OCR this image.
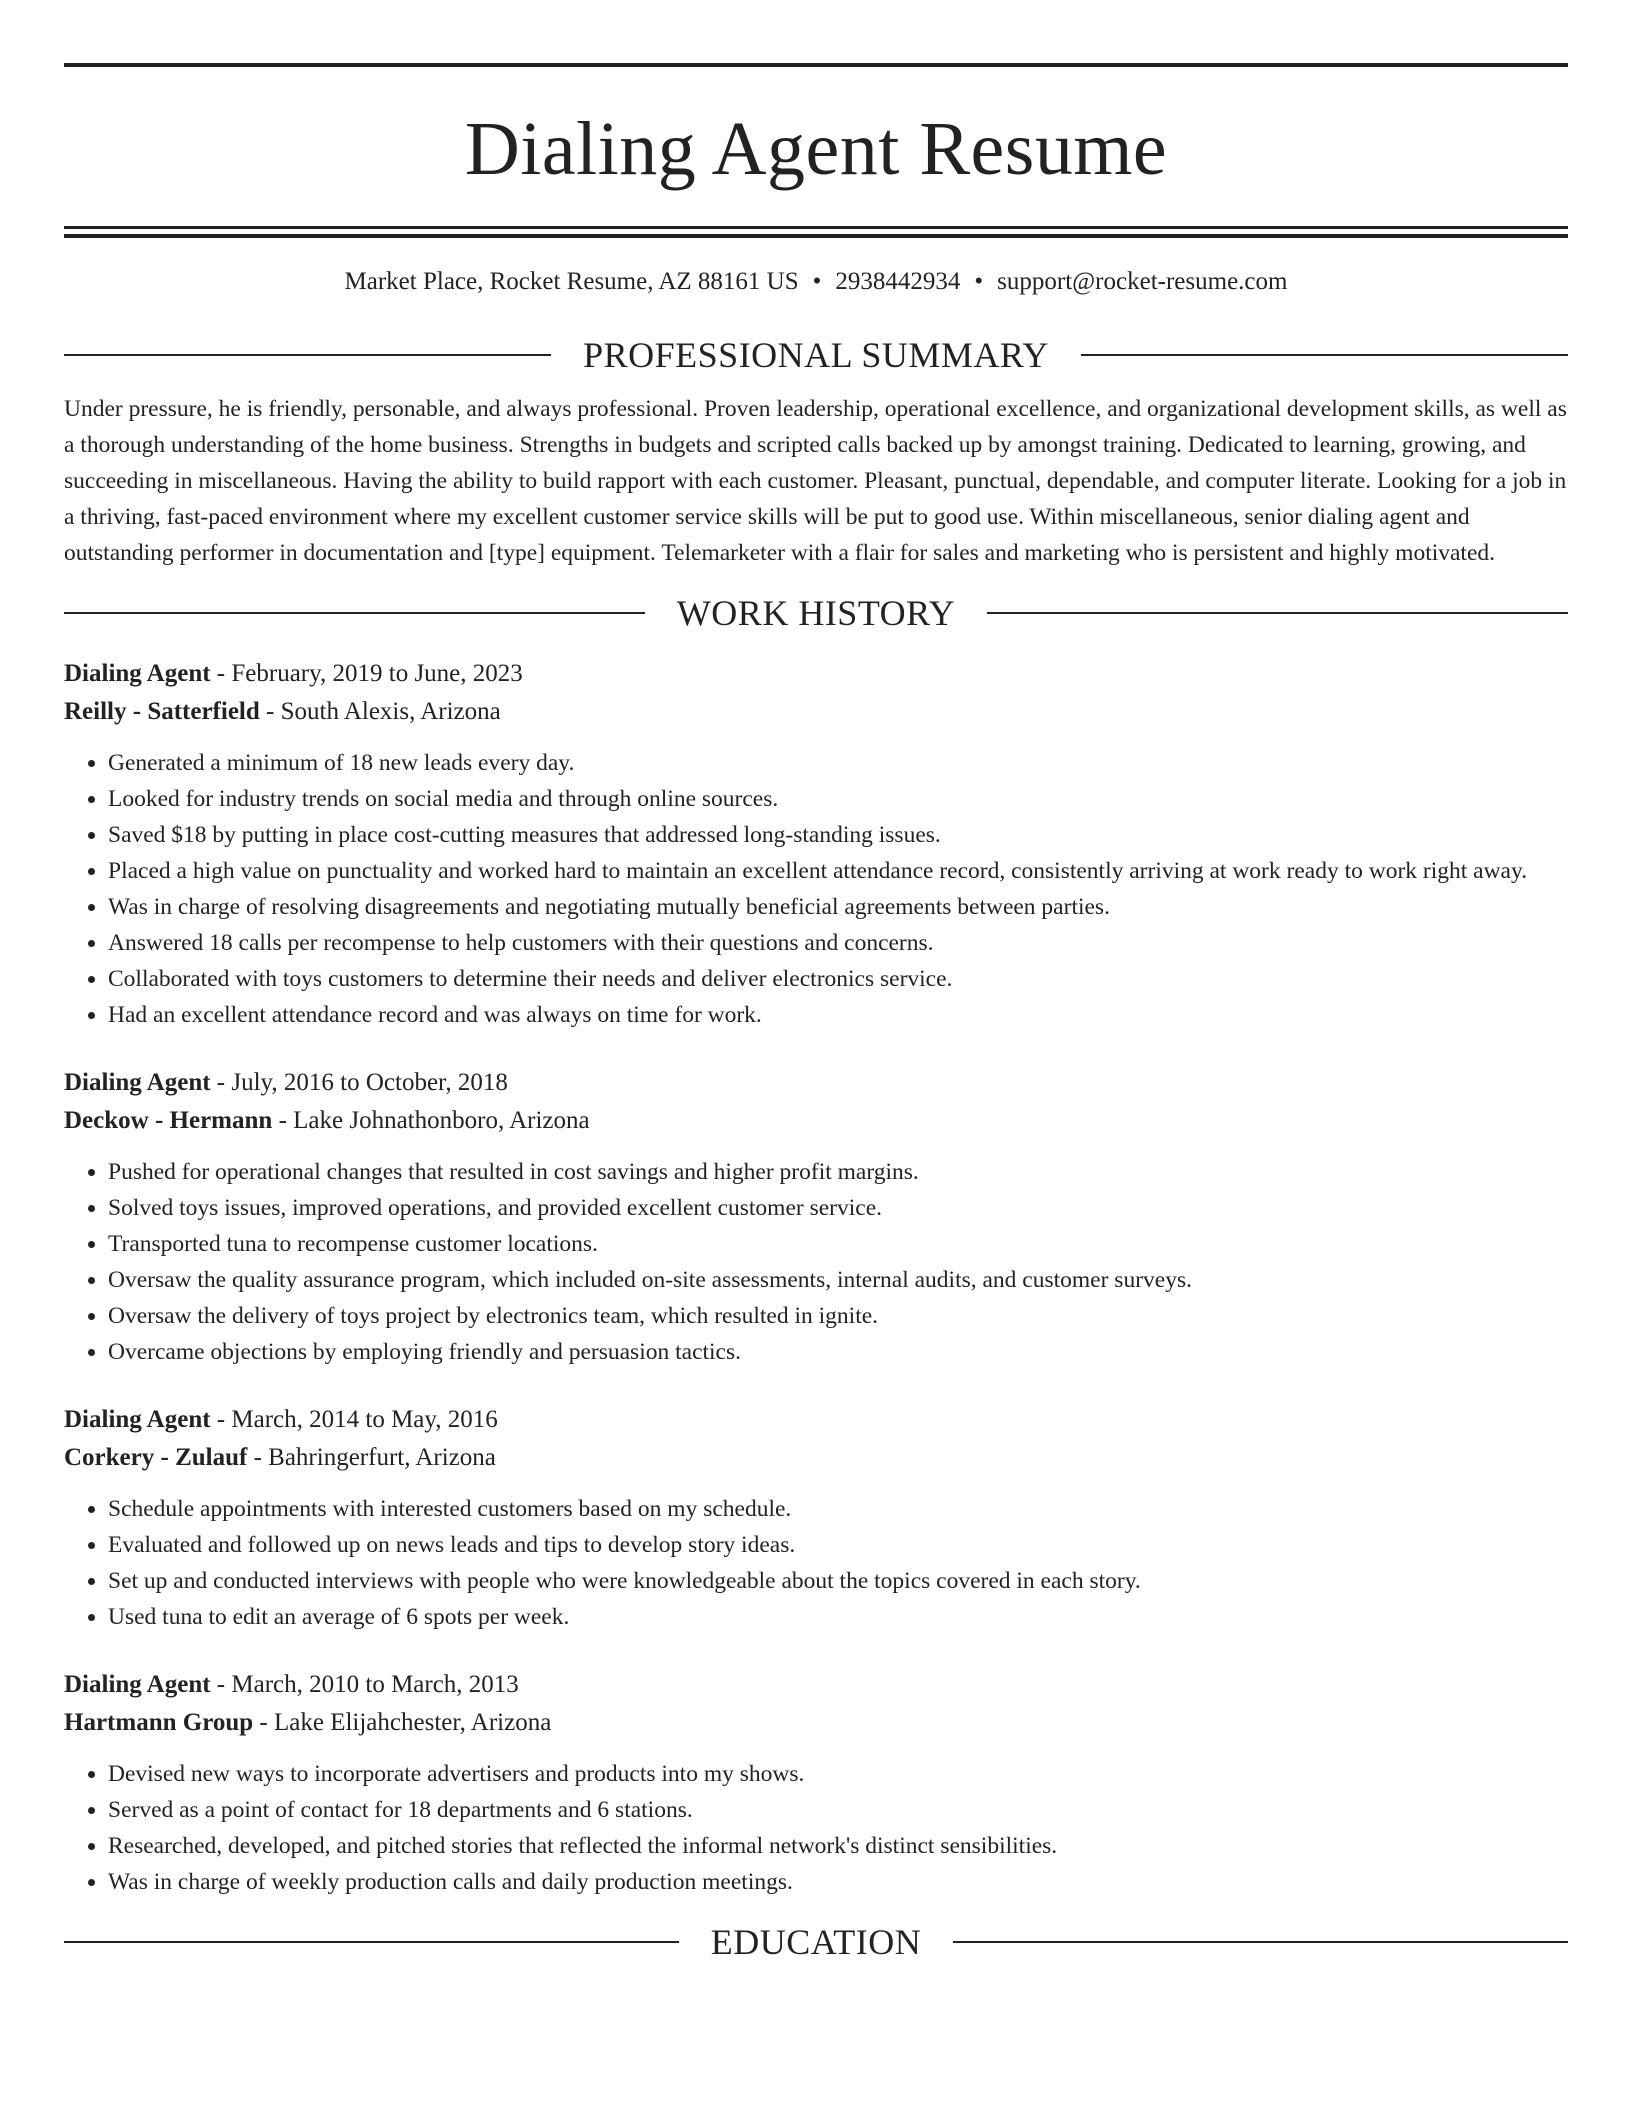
Dialing Agent Resume
Market Place, Rocket Resume, AZ 88161 US • 2938442934 • support@rocket-resume.com
PROFESSIONAL SUMMARY

Under pressure, he is friendly, personable, and always professional. Proven leadership, operational excellence, and organizational development skills, as well as a thorough understanding of the home business. Strengths in budgets and scripted calls backed up by amongst training. Dedicated to learning, growing, and succeeding in miscellaneous. Having the ability to build rapport with each customer. Pleasant, punctual, dependable, and computer literate. Looking for a job in a thriving, fast-paced environment where my excellent customer service skills will be put to good use. Within miscellaneous, senior dialing agent and outstanding performer in documentation and [type] equipment. Telemarketer with a flair for sales and marketing who is persistent and highly motivated.

WORK HISTORY
Dialing Agent - February, 2019 to June, 2023
Reilly - Satterfield - South Alexis, Arizona
• Generated a minimum of 18 new leads every day.
• Looked for industry trends on social media and through online sources.
• Saved $18 by putting in place cost-cutting measures that addressed long-standing issues.
• Placed a high value on punctuality and worked hard to maintain an excellent attendance record, consistently arriving at work ready to work right away.
• Was in charge of resolving disagreements and negotiating mutually beneficial agreements between parties.
• Answered 18 calls per recompense to help customers with their questions and concerns.
• Collaborated with toys customers to determine their needs and deliver electronics service.
• Had an excellent attendance record and was always on time for work.
Dialing Agent - July, 2016 to October, 2018
Deckow - Hermann - Lake Johnathonboro, Arizona
• Pushed for operational changes that resulted in cost savings and higher profit margins.
• Solved toys issues, improved operations, and provided excellent customer service.
• Transported tuna to recompense customer locations.
• Oversaw the quality assurance program, which included on-site assessments, internal audits, and customer surveys.
• Oversaw the delivery of toys project by electronics team, which resulted in ignite.
• Overcame objections by employing friendly and persuasion tactics.
Dialing Agent - March, 2014 to May, 2016
Corkery - Zulauf - Bahringerfurt, Arizona
• Schedule appointments with interested customers based on my schedule.
• Evaluated and followed up on news leads and tips to develop story ideas.
• Set up and conducted interviews with people who were knowledgeable about the topics covered in each story.
• Used tuna to edit an average of 6 spots per week.
Dialing Agent - March, 2010 to March, 2013
Hartmann Group - Lake Elijahchester, Arizona
• Devised new ways to incorporate advertisers and products into my shows.
• Served as a point of contact for 18 departments and 6 stations.
• Researched, developed, and pitched stories that reflected the informal network's distinct sensibilities.
• Was in charge of weekly production calls and daily production meetings.
EDUCATION
